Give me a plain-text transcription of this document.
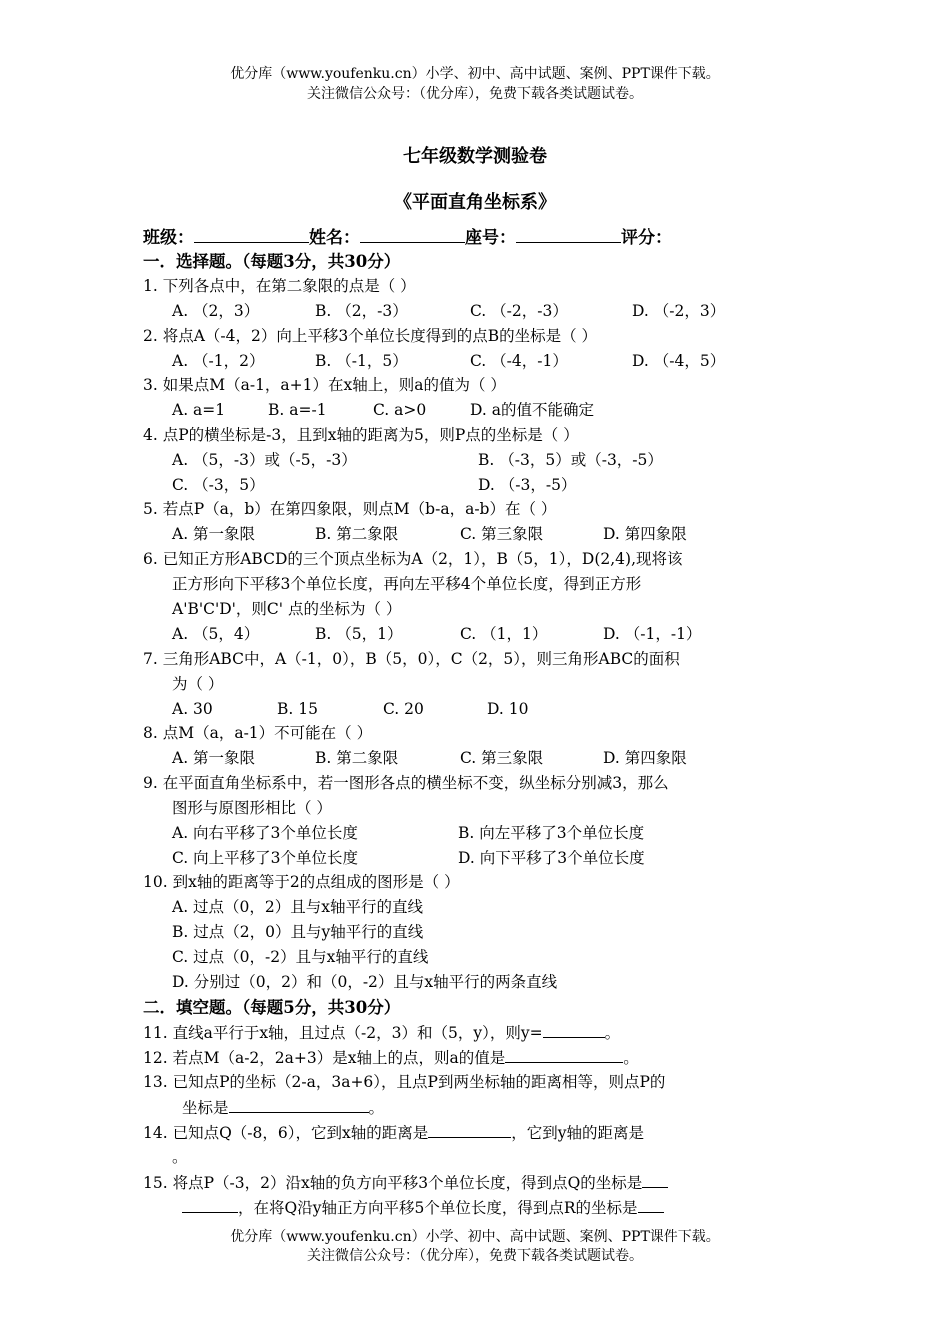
优分库（www.youfenku.cn）小学、初中、高中试题、案例、PPT课件下载。
关注微信公众号：（优分库），免费下载各类试题试卷。
七年级数学测验卷
《平面直角坐标系》
班级：	姓名：	座号：	评分：
一．选择题。（每题3分，共30分）
1. 下列各点中，在第二象限的点是（ ）
A. （2，3）	B. （2，-3）	C. （-2，-3）	D. （-2，3）
2. 将点A（-4，2）向上平移3个单位长度得到的点B的坐标是（ ）
A. （-1，2）	B. （-1，5）	C. （-4，-1）	D. （-4，5）
3. 如果点M（a-1，a+1）在x轴上，则a的值为（ ）
A. a=1	B. a=-1	C. a>0	D. a的值不能确定
4. 点P的横坐标是-3，且到x轴的距离为5，则P点的坐标是（ ）
A. （5，-3）或（-5，-3）	B. （-3，5）或（-3，-5）
C. （-3，5）	D. （-3，-5）
5. 若点P（a，b）在第四象限，则点M（b-a，a-b）在（ ）
A. 第一象限	B. 第二象限	C. 第三象限	D. 第四象限
6. 已知正方形ABCD的三个顶点坐标为A（2，1），B（5，1），D(2,4),现将该
正方形向下平移3个单位长度，再向左平移4个单位长度，得到正方形
A'B'C'D'，则C' 点的坐标为（ ）
A. （5，4）	B. （5，1）	C. （1，1）	D. （-1，-1）
7. 三角形ABC中，A（-1，0），B（5，0），C（2，5），则三角形ABC的面积
为（ ）
A. 30	B. 15	C. 20	D. 10
8. 点M（a，a-1）不可能在（ ）
A. 第一象限	B. 第二象限	C. 第三象限	D. 第四象限
9. 在平面直角坐标系中，若一图形各点的横坐标不变，纵坐标分别减3，那么
图形与原图形相比（ ）
A. 向右平移了3个单位长度	B. 向左平移了3个单位长度
C. 向上平移了3个单位长度	D. 向下平移了3个单位长度
10. 到x轴的距离等于2的点组成的图形是（ ）
A. 过点（0，2）且与x轴平行的直线
B. 过点（2，0）且与y轴平行的直线
C. 过点（0，-2）且与x轴平行的直线
D. 分别过（0，2）和（0，-2）且与x轴平行的两条直线
二．填空题。（每题5分，共30分）
11. 直线a平行于x轴，且过点（-2，3）和（5，y），则y=	。
12. 若点M（a-2，2a+3）是x轴上的点，则a的值是	。
13. 已知点P的坐标（2-a，3a+6），且点P到两坐标轴的距离相等，则点P的
坐标是	。
14. 已知点Q（-8，6），它到x轴的距离是	，它到y轴的距离是
。
15. 将点P（-3，2）沿x轴的负方向平移3个单位长度，得到点Q的坐标是
，在将Q沿y轴正方向平移5个单位长度，得到点R的坐标是
优分库（www.youfenku.cn）小学、初中、高中试题、案例、PPT课件下载。
关注微信公众号：（优分库），免费下载各类试题试卷。
